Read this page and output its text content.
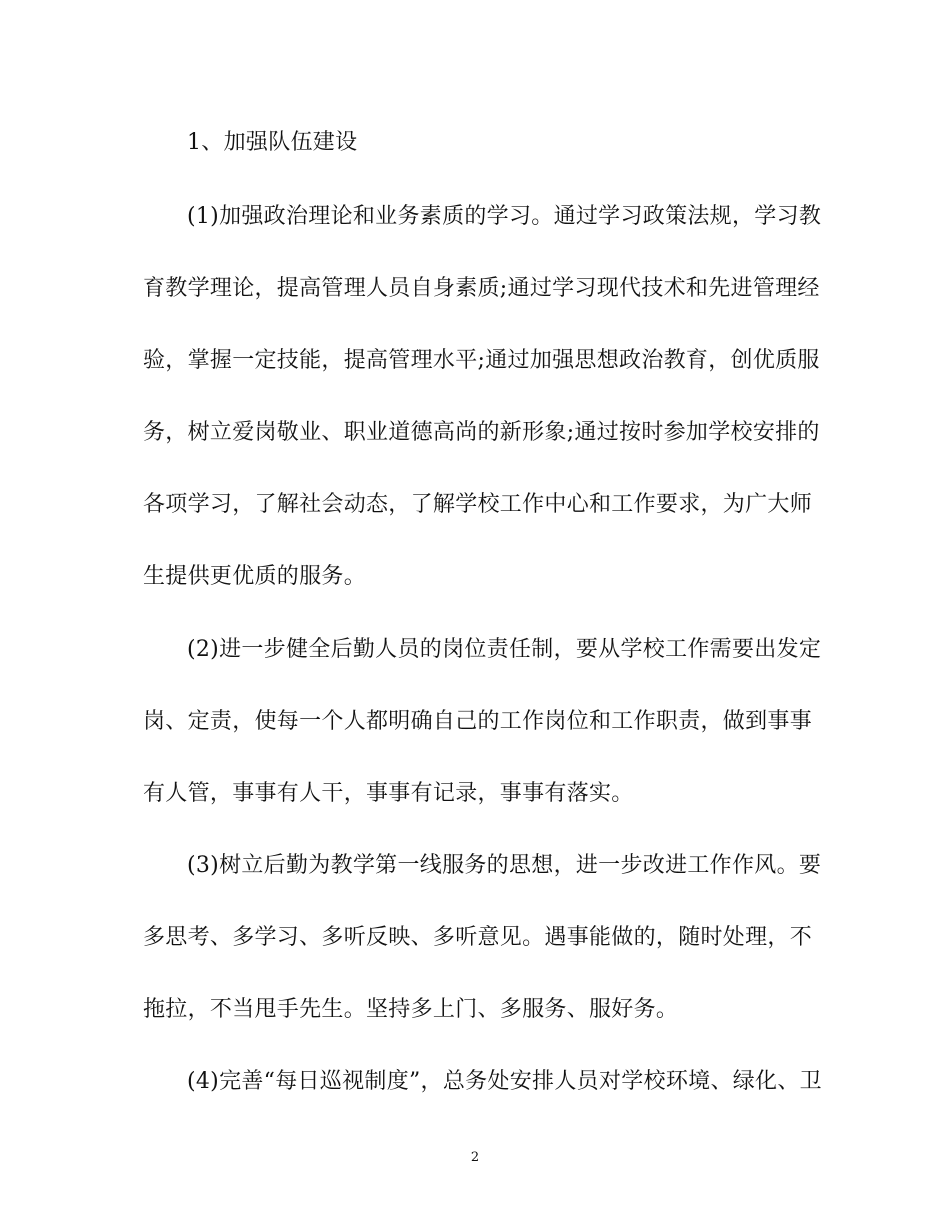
1、加强队伍建设
(1)加强政治理论和业务素质的学习。通过学习政策法规，学习教
育教学理论，提高管理人员自身素质;通过学习现代技术和先进管理经
验，掌握一定技能，提高管理水平;通过加强思想政治教育，创优质服
务，树立爱岗敬业、职业道德高尚的新形象;通过按时参加学校安排的
各项学习，了解社会动态，了解学校工作中心和工作要求，为广大师
生提供更优质的服务。
(2)进一步健全后勤人员的岗位责任制，要从学校工作需要出发定
岗、定责，使每一个人都明确自己的工作岗位和工作职责，做到事事
有人管，事事有人干，事事有记录，事事有落实。
(3)树立后勤为教学第一线服务的思想，进一步改进工作作风。要
多思考、多学习、多听反映、多听意见。遇事能做的，随时处理，不
拖拉，不当甩手先生。坚持多上门、多服务、服好务。
(4)完善“每日巡视制度”，总务处安排人员对学校环境、绿化、卫
2
